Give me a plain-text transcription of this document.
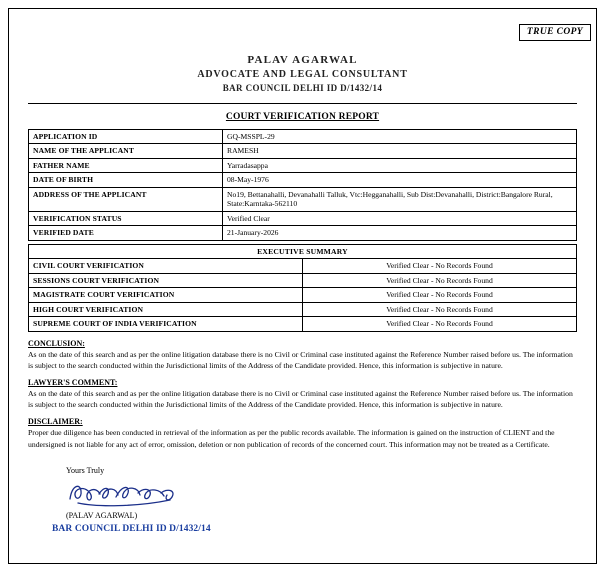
TRUE COPY
PALAV AGARWAL
ADVOCATE AND LEGAL CONSULTANT
BAR COUNCIL DELHI ID D/1432/14
COURT VERIFICATION REPORT
APPLICATION ID	GQ-MSSPL-29
NAME OF THE APPLICANT	RAMESH
FATHER NAME	Yarradasappa
DATE OF BIRTH	08-May-1976
ADDRESS OF THE APPLICANT	No19, Bettanahalli, Devanahalli Talluk, Vtc:Hegganahalli, Sub Dist:Devanahalli, District:Bangalore Rural, State:Karntaka-562110
VERIFICATION STATUS	Verified Clear
VERIFIED DATE	21-January-2026
EXECUTIVE SUMMARY	
CIVIL COURT VERIFICATION	Verified Clear - No Records Found
SESSIONS COURT VERIFICATION	Verified Clear - No Records Found
MAGISTRATE COURT VERIFICATION	Verified Clear - No Records Found
HIGH COURT VERIFICATION	Verified Clear - No Records Found
SUPREME COURT OF INDIA VERIFICATION	Verified Clear - No Records Found
CONCLUSION:

As on the date of this search and as per the online litigation database there is no Civil or Criminal case instituted against the Reference Number raised before us. The information is subject to the search conducted within the Jurisdictional limits of the Address of the Candidate provided. Hence, this information is subjective in nature.

LAWYER'S COMMENT:

As on the date of this search and as per the online litigation database there is no Civil or Criminal case instituted against the Reference Number raised before us. The information is subject to the search conducted within the Jurisdictional limits of the Address of the Candidate provided. Hence, this information is subjective in nature.

DISCLAIMER:

Proper due diligence has been conducted in retrieval of the information as per the public records available. The information is gained on the instruction of CLIENT and the undersigned is not liable for any act of error, omission, deletion or non publication of records of the concerned court. This information may not be treated as a Certificate.

Yours Truly
(PALAV AGARWAL)
BAR COUNCIL DELHI ID D/1432/14
